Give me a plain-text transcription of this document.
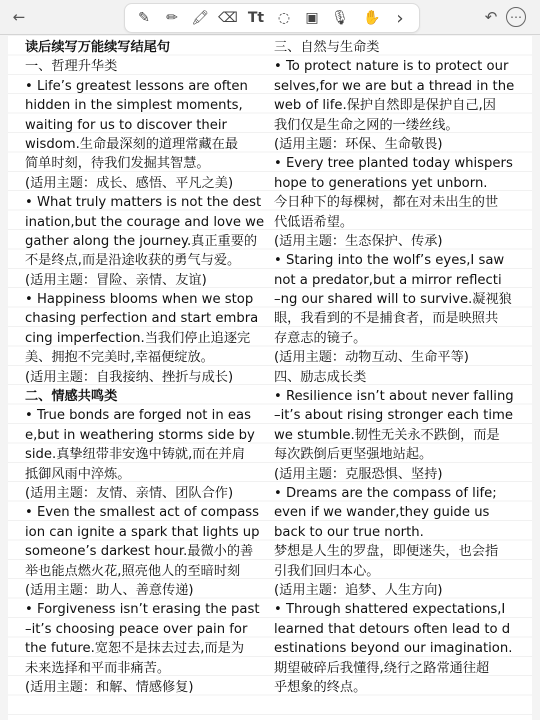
←	✎	✏ 🖍 ⌫ Tt ◌	▣ 🎙 ✋ ›	↶	⋯
读后续写万能续写结尾句
一、哲理升华类
• Life’s greatest lessons are often
hidden in the simplest moments,
waiting for us to discover their
wisdom.生命最深刻的道理常藏在最
简单时刻，待我们发掘其智慧。
(适用主题：成长、感悟、平凡之美)
• What truly matters is not the dest
ination,but the courage and love we
gather along the journey.真正重要的
不是终点,而是沿途收获的勇气与爱。
(适用主题：冒险、亲情、友谊)
• Happiness blooms when we stop
chasing perfection and start embra
cing imperfection.当我们停止追逐完
美、拥抱不完美时,幸福便绽放。
(适用主题：自我接纳、挫折与成长)
二、情感共鸣类
• True bonds are forged not in eas
e,but in weathering storms side by
side.真挚纽带非安逸中铸就,而在并肩
抵御风雨中淬炼。
(适用主题：友情、亲情、团队合作)
• Even the smallest act of compass
ion can ignite a spark that lights up
someone’s darkest hour.最微小的善
举也能点燃火花,照亮他人的至暗时刻
(适用主题：助人、善意传递)
• Forgiveness isn’t erasing the past
–it’s choosing peace over pain for
the future.宽恕不是抹去过去,而是为
未来选择和平而非痛苦。
(适用主题：和解、情感修复)
三、自然与生命类
• To protect nature is to protect our
selves,for we are but a thread in the
web of life.保护自然即是保护自己,因
我们仅是生命之网的一缕丝线。
(适用主题：环保、生命敬畏)
• Every tree planted today whispers
hope to generations yet unborn.
今日种下的每棵树，都在对未出生的世
代低语希望。
(适用主题：生态保护、传承)
• Staring into the wolf’s eyes,I saw
not a predator,but a mirror reflecti
–ng our shared will to survive.凝视狼
眼，我看到的不是捕食者，而是映照共
存意志的镜子。
(适用主题：动物互动、生命平等)
四、励志成长类
• Resilience isn’t about never falling
–it’s about rising stronger each time
we stumble.韧性无关永不跌倒，而是
每次跌倒后更坚强地站起。
(适用主题：克服恐惧、坚持)
• Dreams are the compass of life;
even if we wander,they guide us
back to our true north.
梦想是人生的罗盘，即便迷失，也会指
引我们回归本心。
(适用主题：追梦、人生方向)
• Through shattered expectations,I
learned that detours often lead to d
estinations beyond our imagination.
期望破碎后我懂得,绕行之路常通往超
乎想象的终点。
